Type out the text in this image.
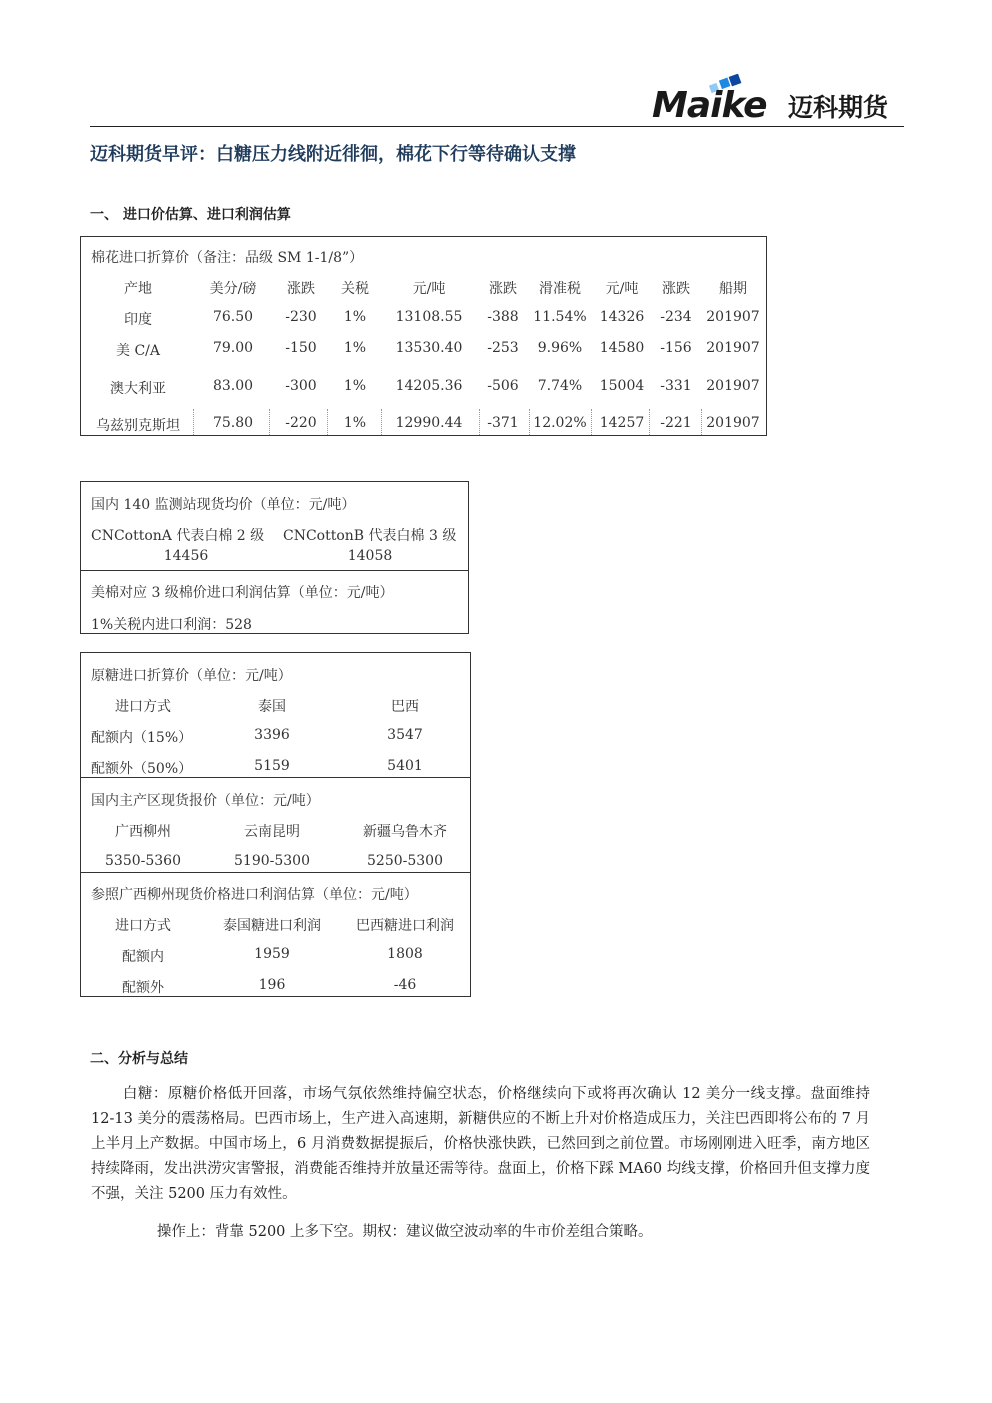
Maike 迈科期货
迈科期货早评：白糖压力线附近徘徊，棉花下行等待确认支撑
一、 进口价估算、进口利润估算
棉花进口折算价（备注：品级 SM 1-1/8”）
产地	美分/磅	涨跌	关税	元/吨	涨跌	滑准税	元/吨	涨跌	船期
印度	76.50	-230	1%	13108.55	-388	11.54% 14326	-234	201907
美 C/A	79.00	-150	1%	13530.40	-253	9.96%	14580	-156	201907
澳大利亚	83.00	-300	1%	14205.36	-506	7.74%	15004	-331	201907
乌兹别克斯坦	75.80	-220	1%	12990.44	-371	12.02% 14257	-221	201907
国内 140 监测站现货均价（单位：元/吨）
CNCottonA 代表白棉 2 级
14456
CNCottonB 代表白棉 3 级
14058
美棉对应 3 级棉价进口利润估算（单位：元/吨）
1%关税内进口利润：528
原糖进口折算价（单位：元/吨）
国内主产区现货报价（单位：元/吨）
参照广西柳州现货价格进口利润估算（单位：元/吨）
进口方式	泰国	巴西
配额内（15%）	3396	3547
配额外（50%）	5159	5401
广西柳州	云南昆明	新疆乌鲁木齐
5350-5360	5190-5300	5250-5300
进口方式	泰国糖进口利润	巴西糖进口利润
配额内	1959	1808
配额外	196	-46
二、分析与总结

白糖：原糖价格低开回落，市场气氛依然维持偏空状态，价格继续向下或将再次确认 12 美分一线支撑。盘面维持 12-13 美分的震荡格局。巴西市场上，生产进入高速期，新糖供应的不断上升对价格造成压力，关注巴西即将公布的 7 月上半月上产数据。中国市场上，6 月消费数据提振后，价格快涨快跌，已然回到之前位置。市场刚刚进入旺季，南方地区持续降雨，发出洪涝灾害警报，消费能否维持并放量还需等待。盘面上，价格下踩 MA60 均线支撑，价格回升但支撑力度不强，关注 5200 压力有效性。

操作上：背靠 5200 上多下空。期权：建议做空波动率的牛市价差组合策略。
